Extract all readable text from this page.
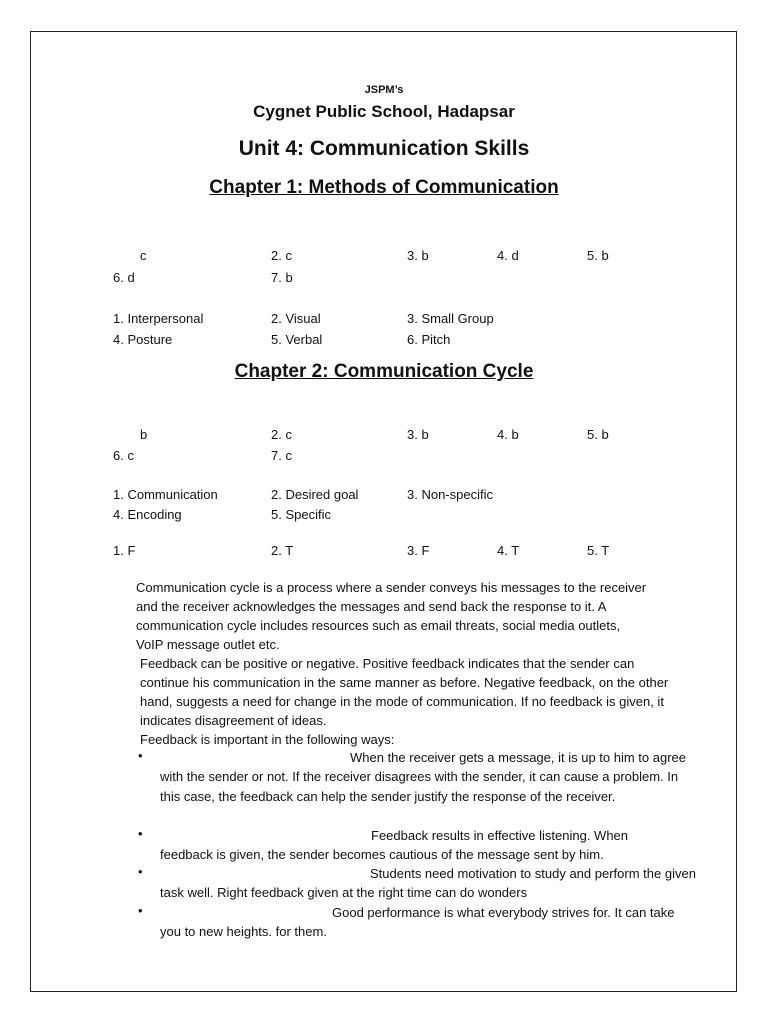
JSPM’s
Cygnet Public School, Hadapsar
Unit 4: Communication Skills
Chapter 1: Methods of Communication
c	2. c	3. b	4. d	5. b
6. d	7. b
1. Interpersonal	2. Visual	3. Small Group
4. Posture	5. Verbal	6. Pitch
Chapter 2: Communication Cycle
b	2. c	3. b	4. b	5. b
6. c	7. c
1. Communication	2. Desired goal	3. Non-specific
4. Encoding	5. Specific
1. F	2. T	3. F	4. T	5. T
Communication cycle is a process where a sender conveys his messages to the receiver
and the receiver acknowledges the messages and send back the response to it. A
communication cycle includes resources such as email threats, social media outlets,
VoIP message outlet etc.
Feedback can be positive or negative. Positive feedback indicates that the sender can
continue his communication in the same manner as before. Negative feedback, on the other
hand, suggests a need for change in the mode of communication. If no feedback is given, it
indicates disagreement of ideas.
Feedback is important in the following ways:
•	When the receiver gets a message, it is up to him to agree
with the sender or not. If the receiver disagrees with the sender, it can cause a problem. In
this case, the feedback can help the sender justify the response of the receiver.
•	Feedback results in effective listening. When
feedback is given, the sender becomes cautious of the message sent by him.
•	Students need motivation to study and perform the given
task well. Right feedback given at the right time can do wonders
•	Good performance is what everybody strives for. It can take
you to new heights. for them.
